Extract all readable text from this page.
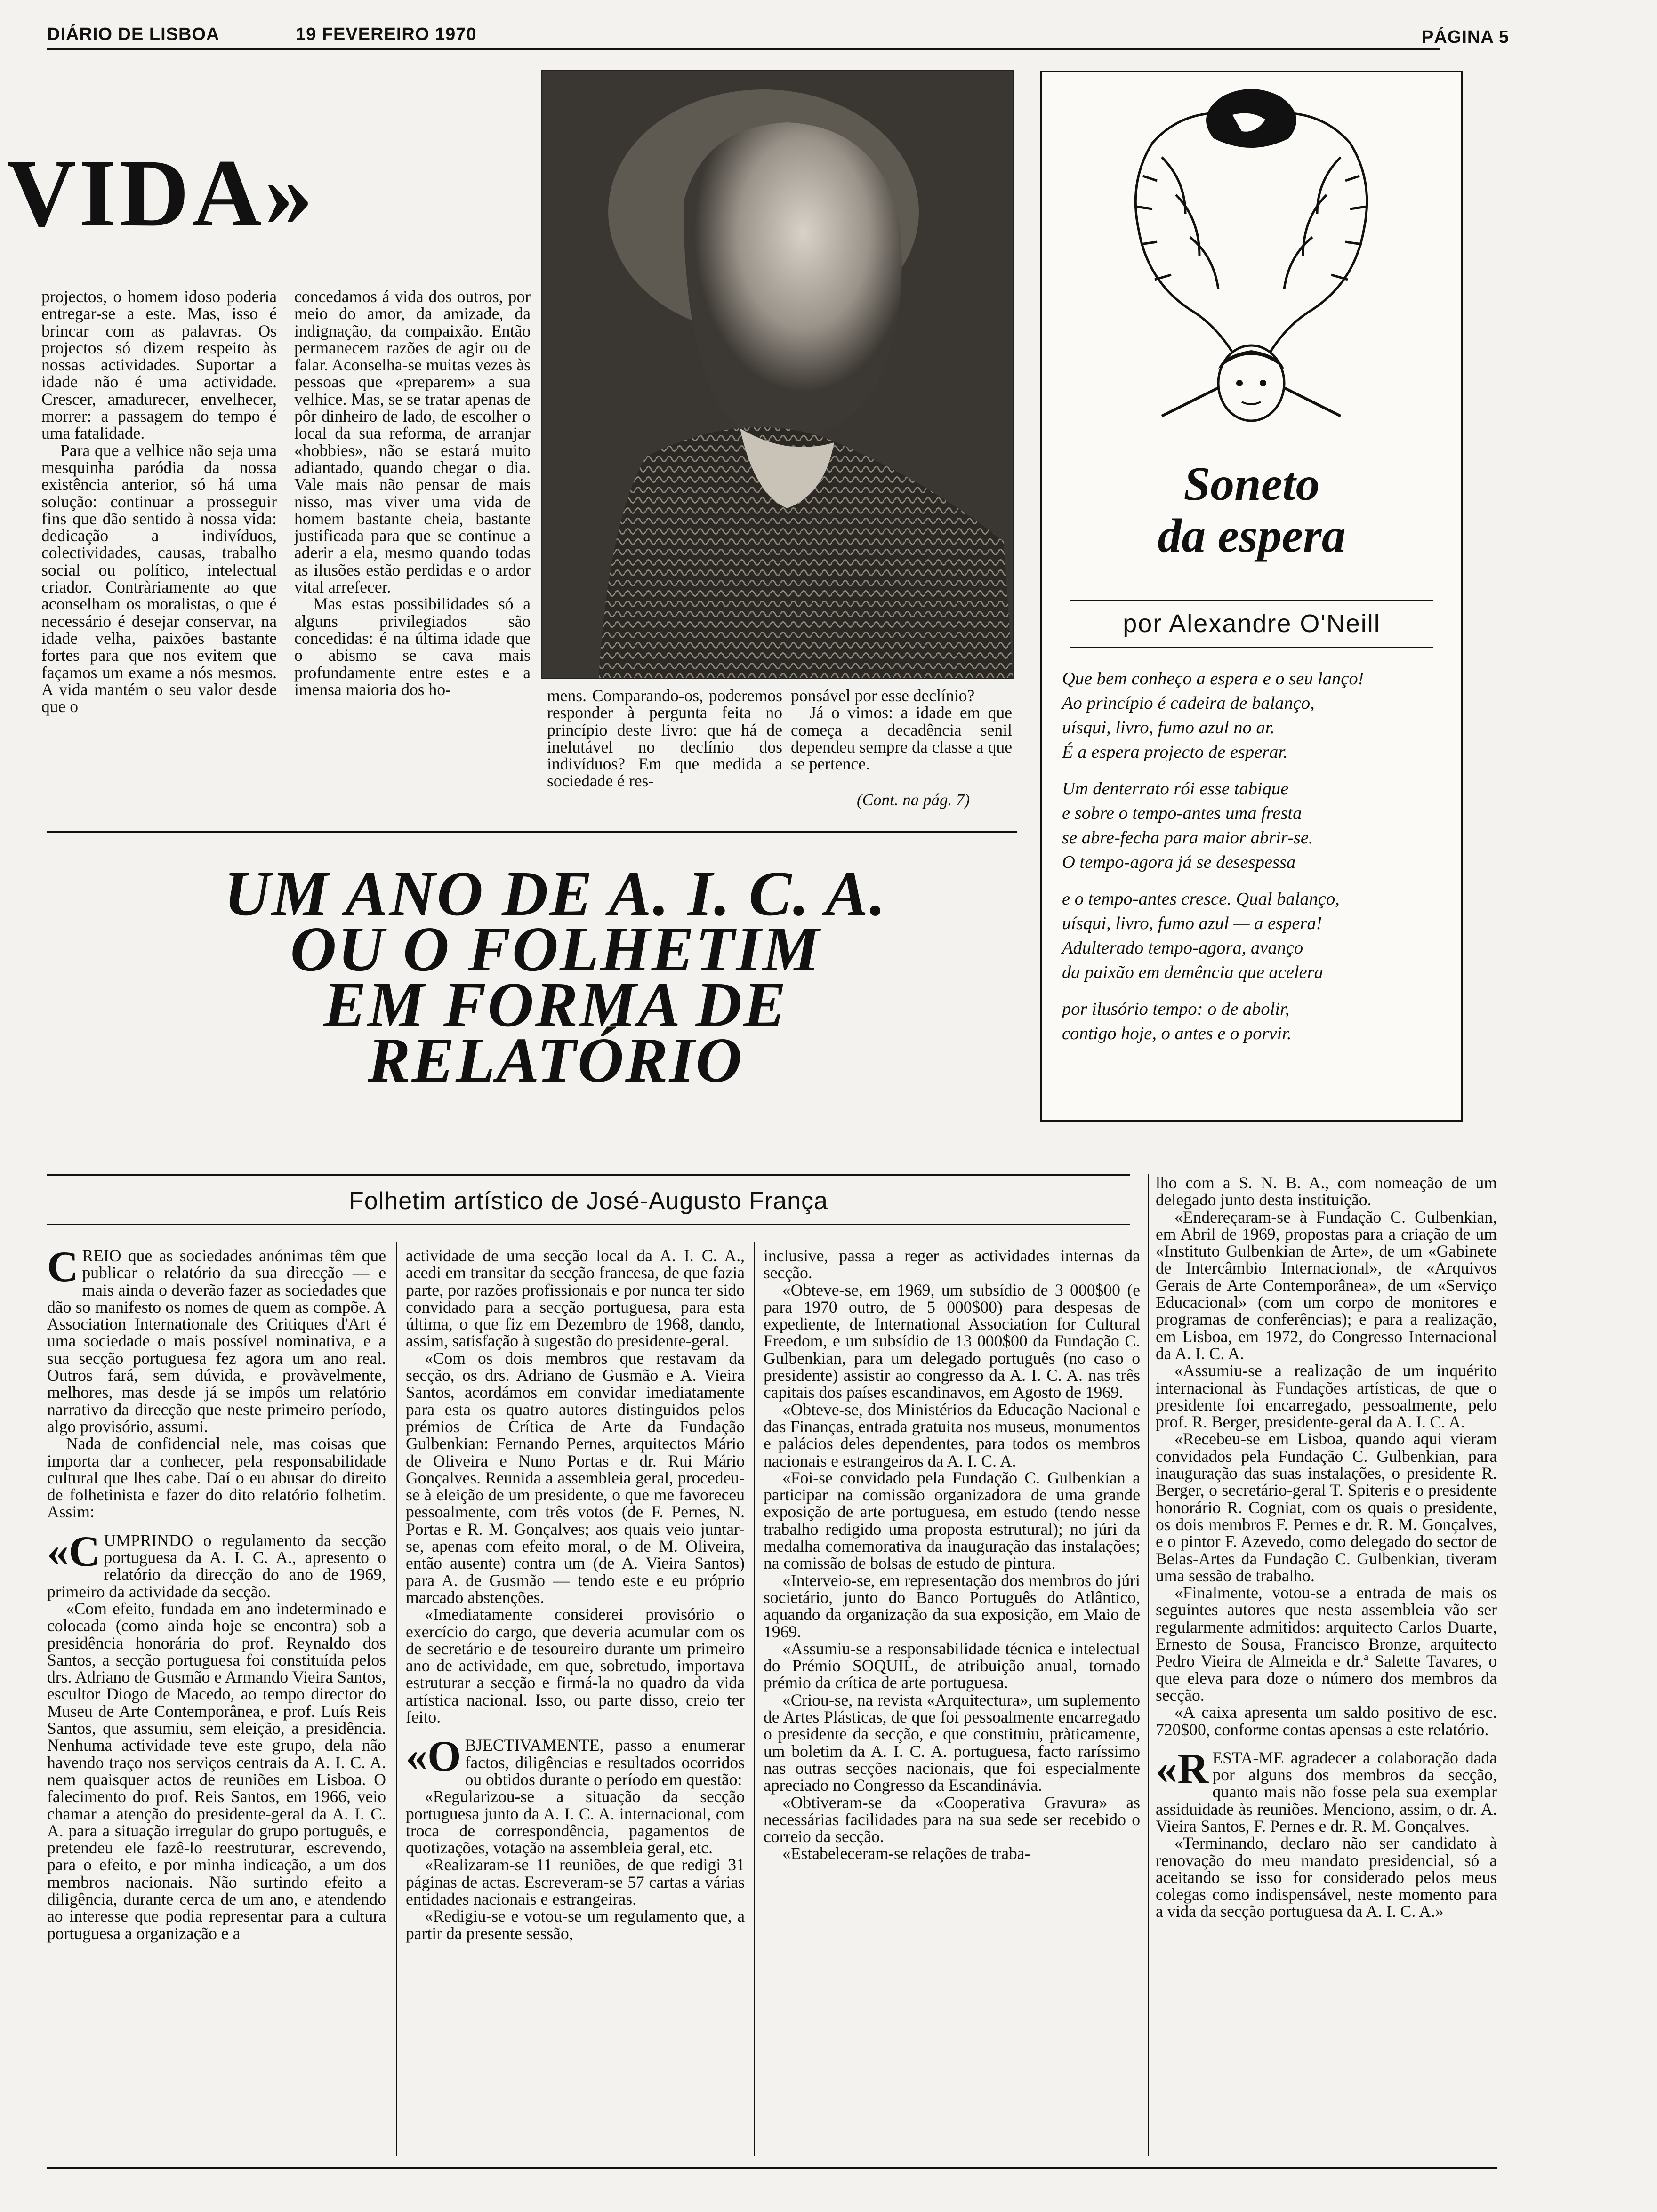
DIÁRIO DE LISBOA	19 FEVEREIRO 1970	PÁGINA 5
VIDA»

projectos, o homem idoso poderia entregar-se a este. Mas, isso é brincar com as palavras. Os projectos só dizem respeito às nossas actividades. Suportar a idade não é uma actividade. Crescer, amadurecer, envelhecer, morrer: a passagem do tempo é uma fatalidade.

Para que a velhice não seja uma mesquinha paródia da nossa existência anterior, só há uma solução: continuar a prosseguir fins que dão sentido à nossa vida: dedicação a indivíduos, colectividades, causas, trabalho social ou político, intelectual criador. Contràriamente ao que aconselham os moralistas, o que é necessário é desejar conservar, na idade velha, paixões bastante fortes para que nos evitem que façamos um exame a nós mesmos. A vida mantém o seu valor desde que o

concedamos á vida dos outros, por meio do amor, da amizade, da indignação, da compaixão. Então permanecem razões de agir ou de falar. Aconselha-se muitas vezes às pessoas que «preparem» a sua velhice. Mas, se se tratar apenas de pôr dinheiro de lado, de escolher o local da sua reforma, de arranjar «hobbies», não se estará muito adiantado, quando chegar o dia. Vale mais não pensar de mais nisso, mas viver uma vida de homem bastante cheia, bastante justificada para que se continue a aderir a ela, mesmo quando todas as ilusões estão perdidas e o ardor vital arrefecer.

Mas estas possibilidades só a alguns privilegiados são concedidas: é na última idade que o abismo se cava mais profundamente entre estes e a imensa maioria dos ho-	mens. Comparando-os, poderemos responder à pergunta feita no princípio deste livro: que há de inelutável no declínio dos indivíduos? Em que medida a sociedade é res-

ponsável por esse declínio?

Já o vimos: a idade em que começa a decadência senil dependeu sempre da classe a que se pertence.

(Cont. na pág. 7)
Soneto
da espera
por Alexandre O'Neill
Que bem conheço a espera e o seu lanço!
Ao princípio é cadeira de balanço,
uísqui, livro, fumo azul no ar.
É a espera projecto de esperar.
Um denterrato rói esse tabique
e sobre o tempo-antes uma fresta
se abre-fecha para maior abrir-se.
O tempo-agora já se desespessa
e o tempo-antes cresce. Qual balanço,
uísqui, livro, fumo azul — a espera!
Adulterado tempo-agora, avanço
da paixão em demência que acelera
por ilusório tempo: o de abolir,
contigo hoje, o antes e o porvir.
UM ANO DE A. I. C. A.
OU O FOLHETIM
EM FORMA DE
RELATÓRIO
Folhetim artístico de José-Augusto França

CREIO que as sociedades anónimas têm que publicar o relatório da sua direcção — e mais ainda o deverão fazer as sociedades que dão so manifesto os nomes de quem as compõe. A Association Internationale des Critiques d'Art é uma sociedade o mais possível nominativa, e a sua secção portuguesa fez agora um ano real. Outros fará, sem dúvida, e provàvelmente, melhores, mas desde já se impôs um relatório narrativo da direcção que neste primeiro período, algo provisório, assumi.

Nada de confidencial nele, mas coisas que importa dar a conhecer, pela responsabilidade cultural que lhes cabe. Daí o eu abusar do direito de folhetinista e fazer do dito relatório folhetim. Assim:

«CUMPRINDO o regulamento da secção portuguesa da A. I. C. A., apresento o relatório da direcção do ano de 1969, primeiro da actividade da secção.

«Com efeito, fundada em ano indeterminado e colocada (como ainda hoje se encontra) sob a presidência honorária do prof. Reynaldo dos Santos, a secção portuguesa foi constituída pelos drs. Adriano de Gusmão e Armando Vieira Santos, escultor Diogo de Macedo, ao tempo director do Museu de Arte Contemporânea, e prof. Luís Reis Santos, que assumiu, sem eleição, a presidência. Nenhuma actividade teve este grupo, dela não havendo traço nos serviços centrais da A. I. C. A. nem quaisquer actos de reuniões em Lisboa. O falecimento do prof. Reis Santos, em 1966, veio chamar a atenção do presidente-geral da A. I. C. A. para a situação irregular do grupo português, e pretendeu ele fazê-lo reestruturar, escrevendo, para o efeito, e por minha indicação, a um dos membros nacionais. Não surtindo efeito a diligência, durante cerca de um ano, e atendendo ao interesse que podia representar para a cultura portuguesa a organização e a

actividade de uma secção local da A. I. C. A., acedi em transitar da secção francesa, de que fazia parte, por razões profissionais e por nunca ter sido convidado para a secção portuguesa, para esta última, o que fiz em Dezembro de 1968, dando, assim, satisfação à sugestão do presidente-geral.

«Com os dois membros que restavam da secção, os drs. Adriano de Gusmão e A. Vieira Santos, acordámos em convidar imediatamente para esta os quatro autores distinguidos pelos prémios de Crítica de Arte da Fundação Gulbenkian: Fernando Pernes, arquitectos Mário de Oliveira e Nuno Portas e dr. Rui Mário Gonçalves. Reunida a assembleia geral, procedeu-se à eleição de um presidente, o que me favoreceu pessoalmente, com três votos (de F. Pernes, N. Portas e R. M. Gonçalves; aos quais veio juntar-se, apenas com efeito moral, o de M. Oliveira, então ausente) contra um (de A. Vieira Santos) para A. de Gusmão — tendo este e eu próprio marcado abstenções.

«Imediatamente considerei provisório o exercício do cargo, que deveria acumular com os de secretário e de tesoureiro durante um primeiro ano de actividade, em que, sobretudo, importava estruturar a secção e firmá-la no quadro da vida artística nacional. Isso, ou parte disso, creio ter feito.

«OBJECTIVAMENTE, passo a enumerar factos, diligências e resultados ocorridos ou obtidos durante o período em questão:

«Regularizou-se a situação da secção portuguesa junto da A. I. C. A. internacional, com troca de correspondência, pagamentos de quotizações, votação na assembleia geral, etc.

«Realizaram-se 11 reuniões, de que redigi 31 páginas de actas. Escreveram-se 57 cartas a várias entidades nacionais e estrangeiras.

«Redigiu-se e votou-se um regulamento que, a partir da presente sessão,

inclusive, passa a reger as actividades internas da secção.

«Obteve-se, em 1969, um subsídio de 3 000$00 (e para 1970 outro, de 5 000$00) para despesas de expediente, de International Association for Cultural Freedom, e um subsídio de 13 000$00 da Fundação C. Gulbenkian, para um delegado português (no caso o presidente) assistir ao congresso da A. I. C. A. nas três capitais dos países escandinavos, em Agosto de 1969.

«Obteve-se, dos Ministérios da Educação Nacional e das Finanças, entrada gratuita nos museus, monumentos e palácios deles dependentes, para todos os membros nacionais e estrangeiros da A. I. C. A.

«Foi-se convidado pela Fundação C. Gulbenkian a participar na comissão organizadora de uma grande exposição de arte portuguesa, em estudo (tendo nesse trabalho redigido uma proposta estrutural); no júri da medalha comemorativa da inauguração das instalações; na comissão de bolsas de estudo de pintura.

«Interveio-se, em representação dos membros do júri societário, junto do Banco Português do Atlântico, aquando da organização da sua exposição, em Maio de 1969.

«Assumiu-se a responsabilidade técnica e intelectual do Prémio SOQUIL, de atribuição anual, tornado prémio da crítica de arte portuguesa.

«Criou-se, na revista «Arquitectura», um suplemento de Artes Plásticas, de que foi pessoalmente encarregado o presidente da secção, e que constituiu, pràticamente, um boletim da A. I. C. A. portuguesa, facto raríssimo nas outras secções nacionais, que foi especialmente apreciado no Congresso da Escandinávia.

«Obtiveram-se da «Cooperativa Gravura» as necessárias facilidades para na sua sede ser recebido o correio da secção.

«Estabeleceram-se relações de traba-

lho com a S. N. B. A., com nomeação de um delegado junto desta instituição.

«Endereçaram-se à Fundação C. Gulbenkian, em Abril de 1969, propostas para a criação de um «Instituto Gulbenkian de Arte», de um «Gabinete de Intercâmbio Internacional», de «Arquivos Gerais de Arte Contemporânea», de um «Serviço Educacional» (com um corpo de monitores e programas de conferências); e para a realização, em Lisboa, em 1972, do Congresso Internacional da A. I. C. A.

«Assumiu-se a realização de um inquérito internacional às Fundações artísticas, de que o presidente foi encarregado, pessoalmente, pelo prof. R. Berger, presidente-geral da A. I. C. A.

«Recebeu-se em Lisboa, quando aqui vieram convidados pela Fundação C. Gulbenkian, para inauguração das suas instalações, o presidente R. Berger, o secretário-geral T. Spiteris e o presidente honorário R. Cogniat, com os quais o presidente, os dois membros F. Pernes e dr. R. M. Gonçalves, e o pintor F. Azevedo, como delegado do sector de Belas-Artes da Fundação C. Gulbenkian, tiveram uma sessão de trabalho.

«Finalmente, votou-se a entrada de mais os seguintes autores que nesta assembleia vão ser regularmente admitidos: arquitecto Carlos Duarte, Ernesto de Sousa, Francisco Bronze, arquitecto Pedro Vieira de Almeida e dr.ª Salette Tavares, o que eleva para doze o número dos membros da secção.

«A caixa apresenta um saldo positivo de esc. 720$00, conforme contas apensas a este relatório.

«RESTA-ME agradecer a colaboração dada por alguns dos membros da secção, quanto mais não fosse pela sua exemplar assiduidade às reuniões. Menciono, assim, o dr. A. Vieira Santos, F. Pernes e dr. R. M. Gonçalves.

«Terminando, declaro não ser candidato à renovação do meu mandato presidencial, só a aceitando se isso for considerado pelos meus colegas como indispensável, neste momento para a vida da secção portuguesa da A. I. C. A.»
